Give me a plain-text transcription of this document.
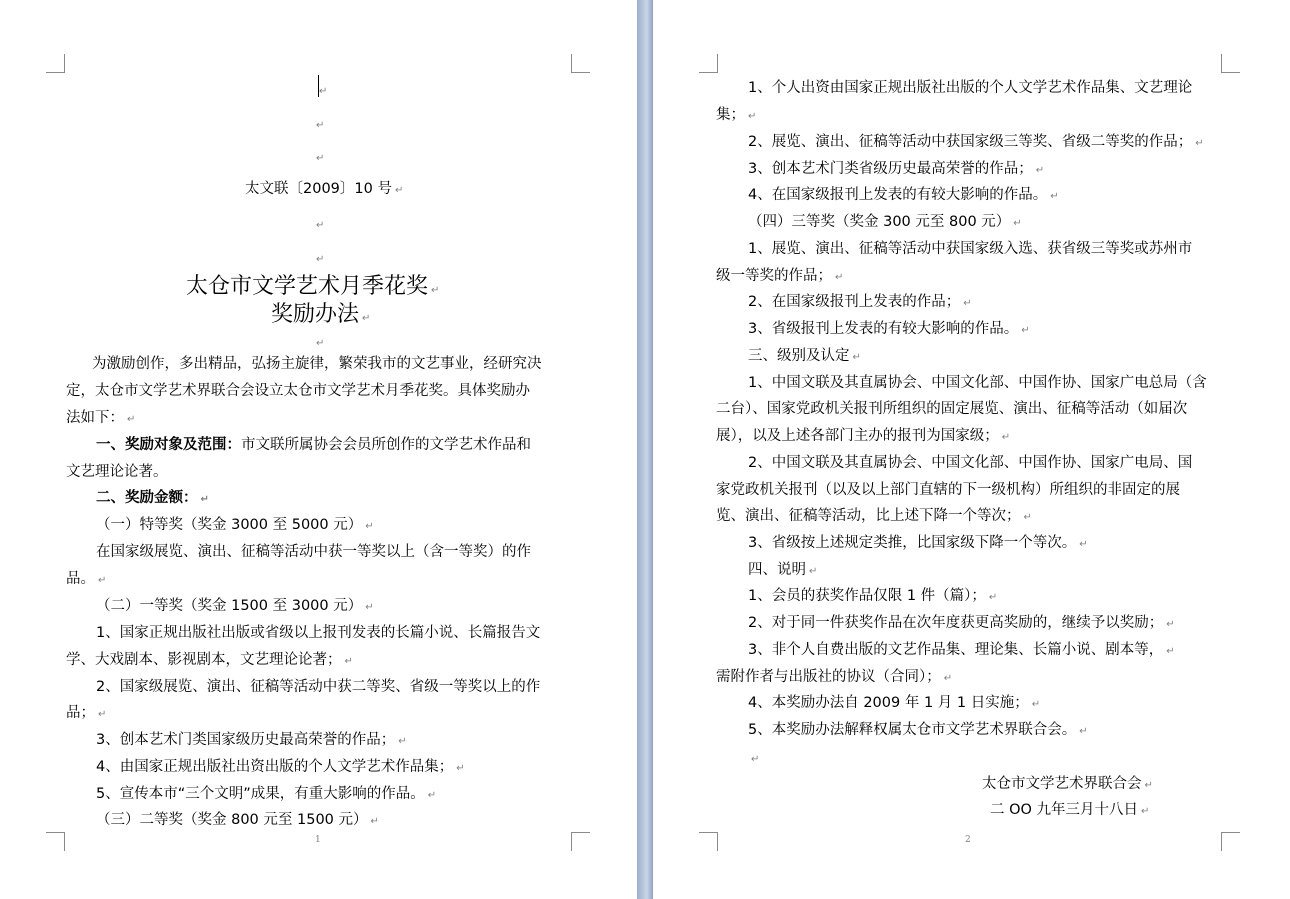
↵
↵
↵
太文联〔2009〕10 号 ↵
↵
↵
太仓市文学艺术月季花奖 ↵
奖励办法 ↵
↵
为激励创作，多出精品，弘扬主旋律，繁荣我市的文艺事业，经研究决
定，太仓市文学艺术界联合会设立太仓市文学艺术月季花奖。具体奖励办
法如下： ↵
一、奖励对象及范围：市文联所属协会会员所创作的文学艺术作品和
文艺理论论著。
二、奖励金额： ↵
（一）特等奖（奖金 3000 至 5000 元） ↵
在国家级展览、演出、征稿等活动中获一等奖以上（含一等奖）的作
品。 ↵
（二）一等奖（奖金 1500 至 3000 元） ↵
1、国家正规出版社出版或省级以上报刊发表的长篇小说、长篇报告文
学、大戏剧本、影视剧本，文艺理论论著； ↵
2、国家级展览、演出、征稿等活动中获二等奖、省级一等奖以上的作
品； ↵
3、创本艺术门类国家级历史最高荣誉的作品； ↵
4、由国家正规出版社出资出版的个人文学艺术作品集； ↵
5、宣传本市“三个文明”成果，有重大影响的作品。 ↵
（三）二等奖（奖金 800 元至 1500 元） ↵
1
1、个人出资由国家正规出版社出版的个人文学艺术作品集、文艺理论
集； ↵
2、展览、演出、征稿等活动中获国家级三等奖、省级二等奖的作品； ↵
3、创本艺术门类省级历史最高荣誉的作品； ↵
4、在国家级报刊上发表的有较大影响的作品。 ↵
（四）三等奖（奖金 300 元至 800 元） ↵
1、展览、演出、征稿等活动中获国家级入选、获省级三等奖或苏州市
级一等奖的作品； ↵
2、在国家级报刊上发表的作品； ↵
3、省级报刊上发表的有较大影响的作品。 ↵
三、级别及认定 ↵
1、中国文联及其直属协会、中国文化部、中国作协、国家广电总局（含
二台）、国家党政机关报刊所组织的固定展览、演出、征稿等活动（如届次
展），以及上述各部门主办的报刊为国家级； ↵
2、中国文联及其直属协会、中国文化部、中国作协、国家广电局、国
家党政机关报刊（以及以上部门直辖的下一级机构）所组织的非固定的展
览、演出、征稿等活动，比上述下降一个等次； ↵
3、省级按上述规定类推，比国家级下降一个等次。 ↵
四、说明 ↵
1、会员的获奖作品仅限 1 件（篇）； ↵
2、对于同一件获奖作品在次年度获更高奖励的，继续予以奖励； ↵
3、非个人自费出版的文艺作品集、理论集、长篇小说、剧本等， ↵
需附作者与出版社的协议（合同）； ↵
4、本奖励办法自 2009 年 1 月 1 日实施； ↵
5、本奖励办法解释权属太仓市文学艺术界联合会。 ↵
↵
太仓市文学艺术界联合会 ↵
二 OO 九年三月十八日 ↵
2
